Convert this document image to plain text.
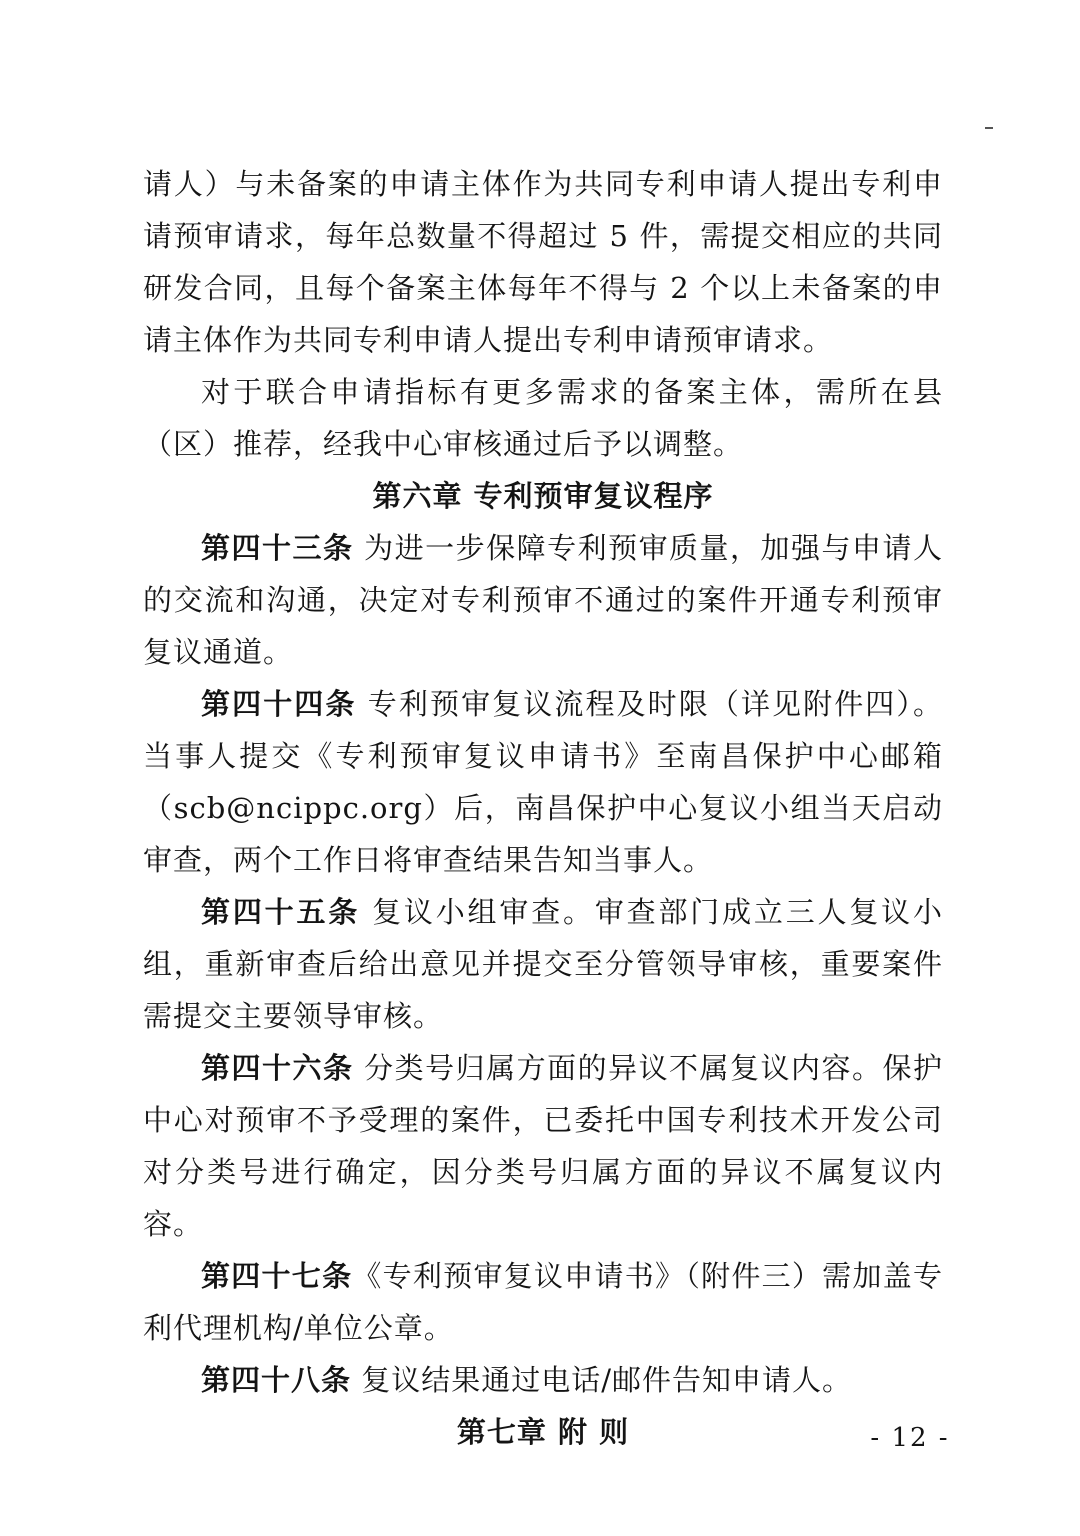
请人）与未备案的申请主体作为共同专利申请人提出专利申请预审请求，每年总数量不得超过 5 件，需提交相应的共同研发合同，且每个备案主体每年不得与 2 个以上未备案的申请主体作为共同专利申请人提出专利申请预审请求。

对于联合申请指标有更多需求的备案主体，需所在县（区）推荐，经我中心审核通过后予以调整。

第六章 专利预审复议程序

第四十三条 为进一步保障专利预审质量，加强与申请人的交流和沟通，决定对专利预审不通过的案件开通专利预审复议通道。

第四十四条 专利预审复议流程及时限（详见附件四）。当事人提交《专利预审复议申请书》至南昌保护中心邮箱（scb@ncippc.org）后，南昌保护中心复议小组当天启动审查，两个工作日将审查结果告知当事人。

第四十五条 复议小组审查。审查部门成立三人复议小组，重新审查后给出意见并提交至分管领导审核，重要案件需提交主要领导审核。

第四十六条 分类号归属方面的异议不属复议内容。保护中心对预审不予受理的案件，已委托中国专利技术开发公司对分类号进行确定，因分类号归属方面的异议不属复议内容。

第四十七条《专利预审复议申请书》（附件三）需加盖专利代理机构/单位公章。

第四十八条 复议结果通过电话/邮件告知申请人。

第七章 附 则	- 12 -
